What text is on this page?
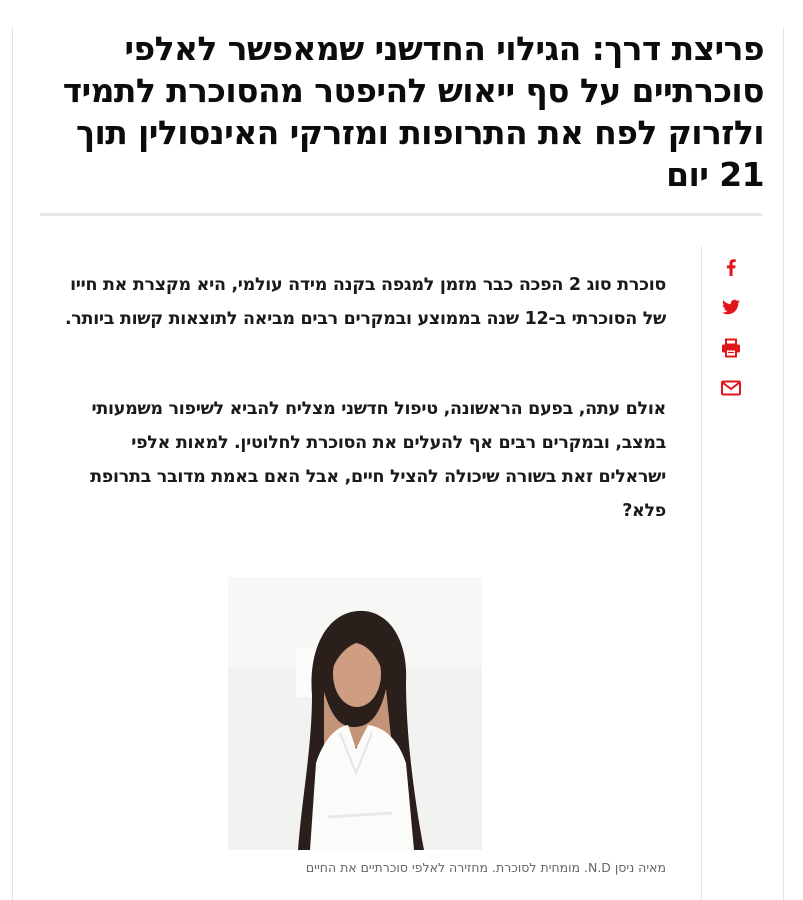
פריצת דרך: הגילוי החדשני שמאפשר לאלפי סוכרתיים על סף ייאוש להיפטר מהסוכרת לתמיד ולזרוק לפח את התרופות ומזרקי האינסולין תוך 21 יום

סוכרת סוג 2 הפכה כבר מזמן למגפה בקנה מידה עולמי, היא מקצרת את חייו של הסוכרתי ב-12 שנה בממוצע ובמקרים רבים מביאה לתוצאות קשות ביותר.

אולם עתה, בפעם הראשונה, טיפול חדשני מצליח להביא לשיפור משמעותי במצב, ובמקרים רבים אף להעלים את הסוכרת לחלוטין. למאות אלפי ישראלים זאת בשורה שיכולה להציל חיים, אבל האם באמת מדובר בתרופת פלא?

מאיה ניסן N.D. מומחית לסוכרת. מחזירה לאלפי סוכרתיים את החיים
